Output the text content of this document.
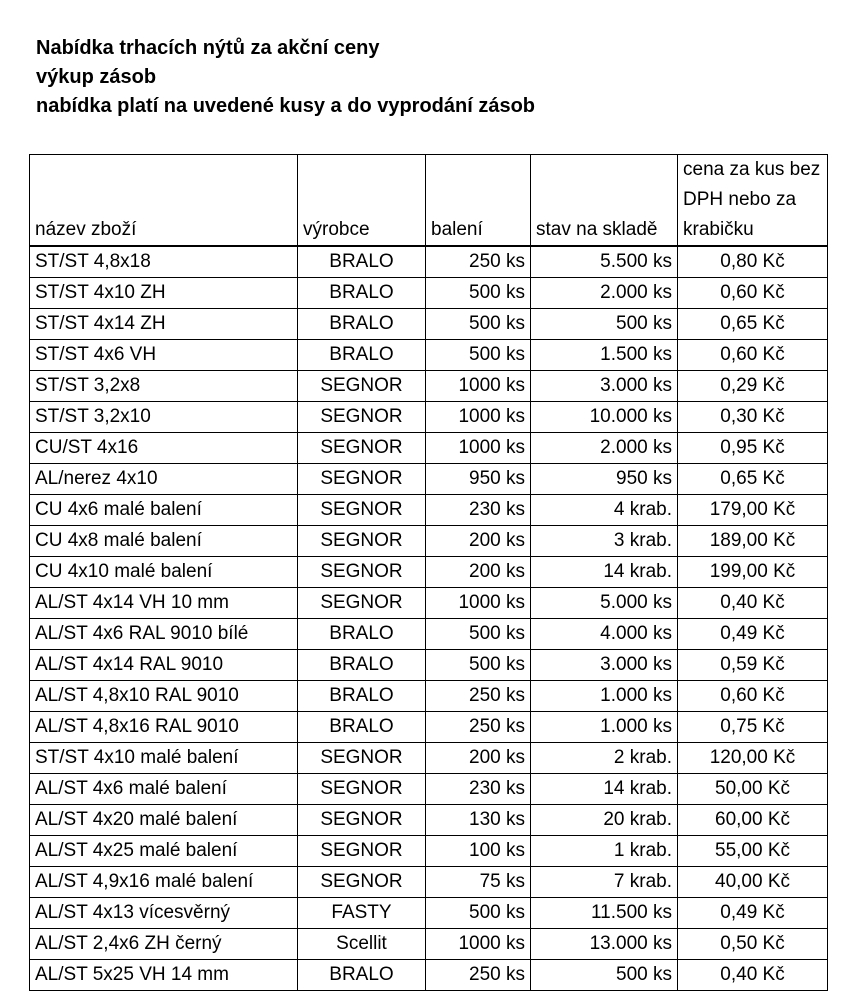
Nabídka trhacích nýtů za akční ceny
výkup zásob
nabídka platí na uvedené kusy a do vyprodání zásob
název zboží	výrobce	balení	stav na skladě	cena za kus bez DPH nebo za krabičku
ST/ST 4,8x18	BRALO	250 ks	5.500 ks	0,80 Kč
ST/ST 4x10 ZH	BRALO	500 ks	2.000 ks	0,60 Kč
ST/ST 4x14 ZH	BRALO	500 ks	500 ks	0,65 Kč
ST/ST 4x6 VH	BRALO	500 ks	1.500 ks	0,60 Kč
ST/ST 3,2x8	SEGNOR	1000 ks	3.000 ks	0,29 Kč
ST/ST 3,2x10	SEGNOR	1000 ks	10.000 ks	0,30 Kč
CU/ST 4x16	SEGNOR	1000 ks	2.000 ks	0,95 Kč
AL/nerez 4x10	SEGNOR	950 ks	950 ks	0,65 Kč
CU 4x6 malé balení	SEGNOR	230 ks	4 krab.	179,00 Kč
CU 4x8 malé balení	SEGNOR	200 ks	3 krab.	189,00 Kč
CU 4x10 malé balení	SEGNOR	200 ks	14 krab.	199,00 Kč
AL/ST 4x14 VH 10 mm	SEGNOR	1000 ks	5.000 ks	0,40 Kč
AL/ST 4x6 RAL 9010 bílé	BRALO	500 ks	4.000 ks	0,49 Kč
AL/ST 4x14 RAL 9010	BRALO	500 ks	3.000 ks	0,59 Kč
AL/ST 4,8x10 RAL 9010	BRALO	250 ks	1.000 ks	0,60 Kč
AL/ST 4,8x16 RAL 9010	BRALO	250 ks	1.000 ks	0,75 Kč
ST/ST 4x10 malé balení	SEGNOR	200 ks	2 krab.	120,00 Kč
AL/ST 4x6 malé balení	SEGNOR	230 ks	14 krab.	50,00 Kč
AL/ST 4x20 malé balení	SEGNOR	130 ks	20 krab.	60,00 Kč
AL/ST 4x25 malé balení	SEGNOR	100 ks	1 krab.	55,00 Kč
AL/ST 4,9x16 malé balení	SEGNOR	75 ks	7 krab.	40,00 Kč
AL/ST 4x13 vícesvěrný	FASTY	500 ks	11.500 ks	0,49 Kč
AL/ST 2,4x6 ZH černý	Scellit	1000 ks	13.000 ks	0,50 Kč
AL/ST 5x25 VH 14 mm	BRALO	250 ks	500 ks	0,40 Kč
